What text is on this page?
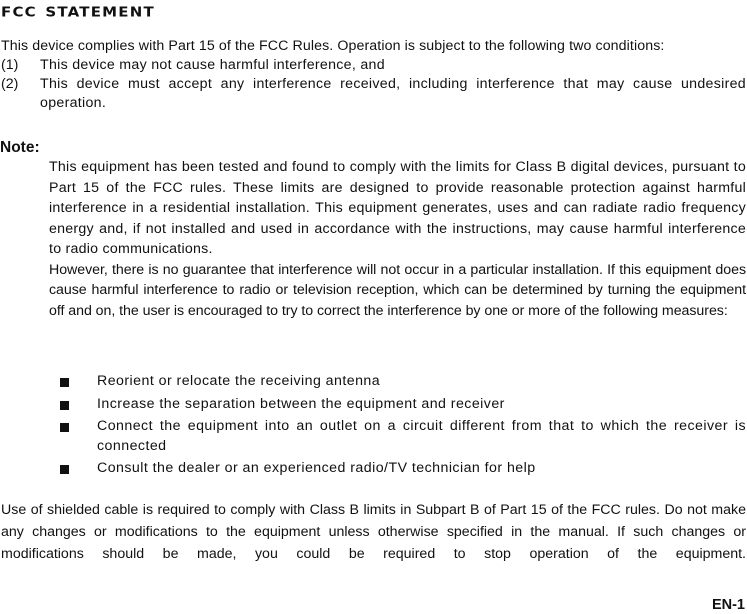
fcc statement

This device complies with Part 15 of the FCC Rules. Operation is subject to the following two conditions:

(1)	This device may not cause harmful interference, and
(2)	This device must accept any interference received, including interference that may cause undesired operation.
Note:

This equipment has been tested and found to comply with the limits for Class B digital devices, pursuant to Part 15 of the FCC rules. These limits are designed to provide reasonable protection against harmful interference in a residential installation. This equipment generates, uses and can radiate radio frequency energy and, if not installed and used in accordance with the instructions, may cause harmful interference to radio communications.

However, there is no guarantee that interference will not occur in a particular installation. If this equipment does cause harmful interference to radio or television reception, which can be determined by turning the equipment off and on, the user is encouraged to try to correct the interference by one or more of the following measures:

Reorient or relocate the receiving antenna
Increase the separation between the equipment and receiver
Connect the equipment into an outlet on a circuit different from that to which the receiver is connected
Consult the dealer or an experienced radio/TV technician for help

Use of shielded cable is required to comply with Class B limits in Subpart B of Part 15 of the FCC rules. Do not make any changes or modifications to the equipment unless otherwise specified in the manual. If such changes or modifications should be made, you could be required to stop operation of the equipment.

EN-1
